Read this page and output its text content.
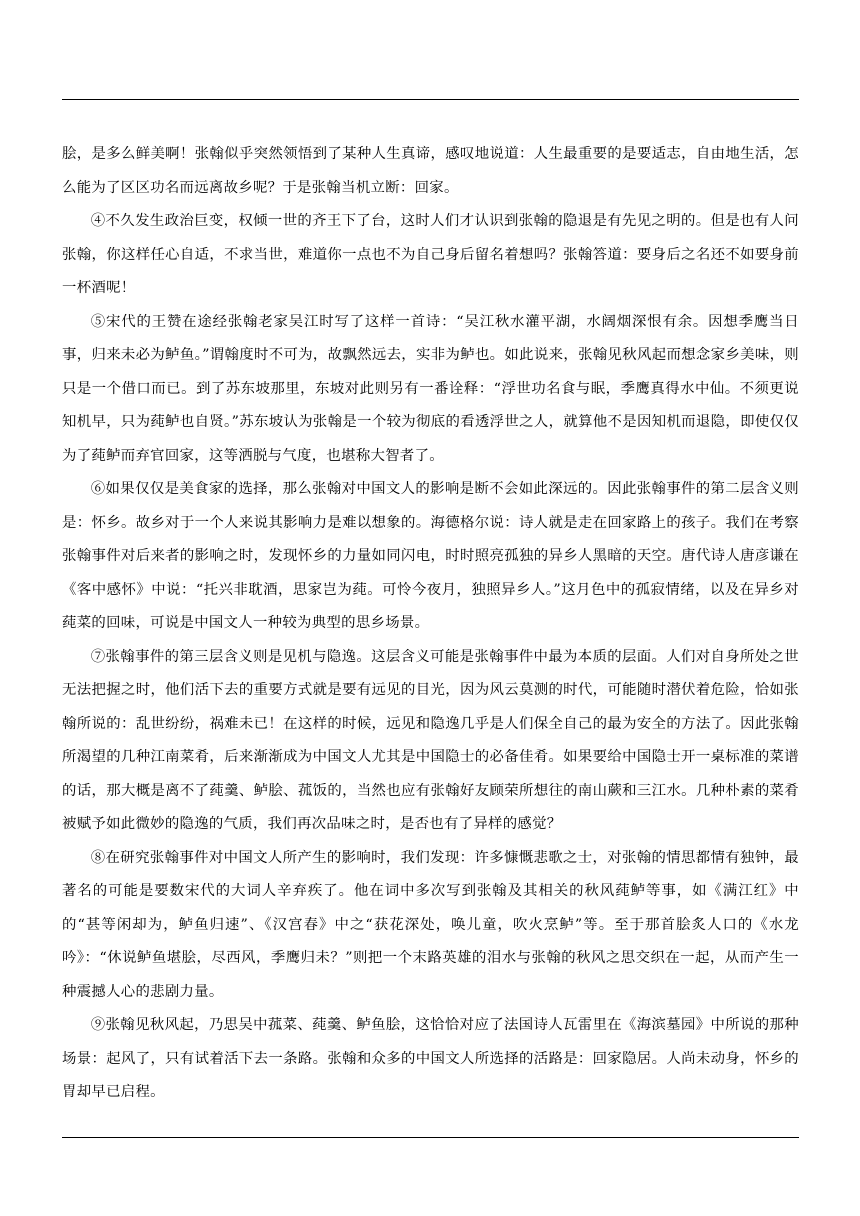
脍，是多么鲜美啊！张翰似乎突然领悟到了某种人生真谛，感叹地说道：人生最重要的是要适志，自由地生活，怎么能为了区区功名而远离故乡呢？于是张翰当机立断：回家。

④不久发生政治巨变，权倾一世的齐王下了台，这时人们才认识到张翰的隐退是有先见之明的。但是也有人问张翰，你这样任心自适，不求当世，难道你一点也不为自己身后留名着想吗？张翰答道：要身后之名还不如要身前一杯酒呢！

⑤宋代的王赞在途经张翰老家吴江时写了这样一首诗：“吴江秋水灌平湖，水阔烟深恨有余。因想季鹰当日事，归来未必为鲈鱼。”谓翰度时不可为，故飘然远去，实非为鲈也。如此说来，张翰见秋风起而想念家乡美味，则只是一个借口而已。到了苏东坡那里，东坡对此则另有一番诠释：“浮世功名食与眠，季鹰真得水中仙。不须更说知机早，只为莼鲈也自贤。”苏东坡认为张翰是一个较为彻底的看透浮世之人，就算他不是因知机而退隐，即使仅仅为了莼鲈而弃官回家，这等洒脱与气度，也堪称大智者了。

⑥如果仅仅是美食家的选择，那么张翰对中国文人的影响是断不会如此深远的。因此张翰事件的第二层含义则是：怀乡。故乡对于一个人来说其影响力是难以想象的。海德格尔说：诗人就是走在回家路上的孩子。我们在考察张翰事件对后来者的影响之时，发现怀乡的力量如同闪电，时时照亮孤独的异乡人黑暗的天空。唐代诗人唐彦谦在《客中感怀》中说：“托兴非耽酒，思家岂为莼。可怜今夜月，独照异乡人。”这月色中的孤寂情绪，以及在异乡对莼菜的回味，可说是中国文人一种较为典型的思乡场景。

⑦张翰事件的第三层含义则是见机与隐逸。这层含义可能是张翰事件中最为本质的层面。人们对自身所处之世无法把握之时，他们活下去的重要方式就是要有远见的目光，因为风云莫测的时代，可能随时潜伏着危险，恰如张翰所说的：乱世纷纷，祸难未已！在这样的时候，远见和隐逸几乎是人们保全自己的最为安全的方法了。因此张翰所渴望的几种江南菜肴，后来渐渐成为中国文人尤其是中国隐士的必备佳肴。如果要给中国隐士开一桌标准的菜谱的话，那大概是离不了莼羹、鲈脍、菰饭的，当然也应有张翰好友顾荣所想往的南山蕨和三江水。几种朴素的菜肴被赋予如此微妙的隐逸的气质，我们再次品味之时，是否也有了异样的感觉？

⑧在研究张翰事件对中国文人所产生的影响时，我们发现：许多慷慨悲歌之士，对张翰的情思都情有独钟，最著名的可能是要数宋代的大词人辛弃疾了。他在词中多次写到张翰及其相关的秋风莼鲈等事，如《满江红》中的“甚等闲却为，鲈鱼归速”、《汉宫春》中之“获花深处，唤儿童，吹火烹鲈”等。至于那首脍炙人口的《水龙吟》：“休说鲈鱼堪脍，尽西风，季鹰归未？”则把一个末路英雄的泪水与张翰的秋风之思交织在一起，从而产生一种震撼人心的悲剧力量。

⑨张翰见秋风起，乃思吴中菰菜、莼羹、鲈鱼脍，这恰恰对应了法国诗人瓦雷里在《海滨墓园》中所说的那种场景：起风了，只有试着活下去一条路。张翰和众多的中国文人所选择的活路是：回家隐居。人尚未动身，怀乡的胃却早已启程。
